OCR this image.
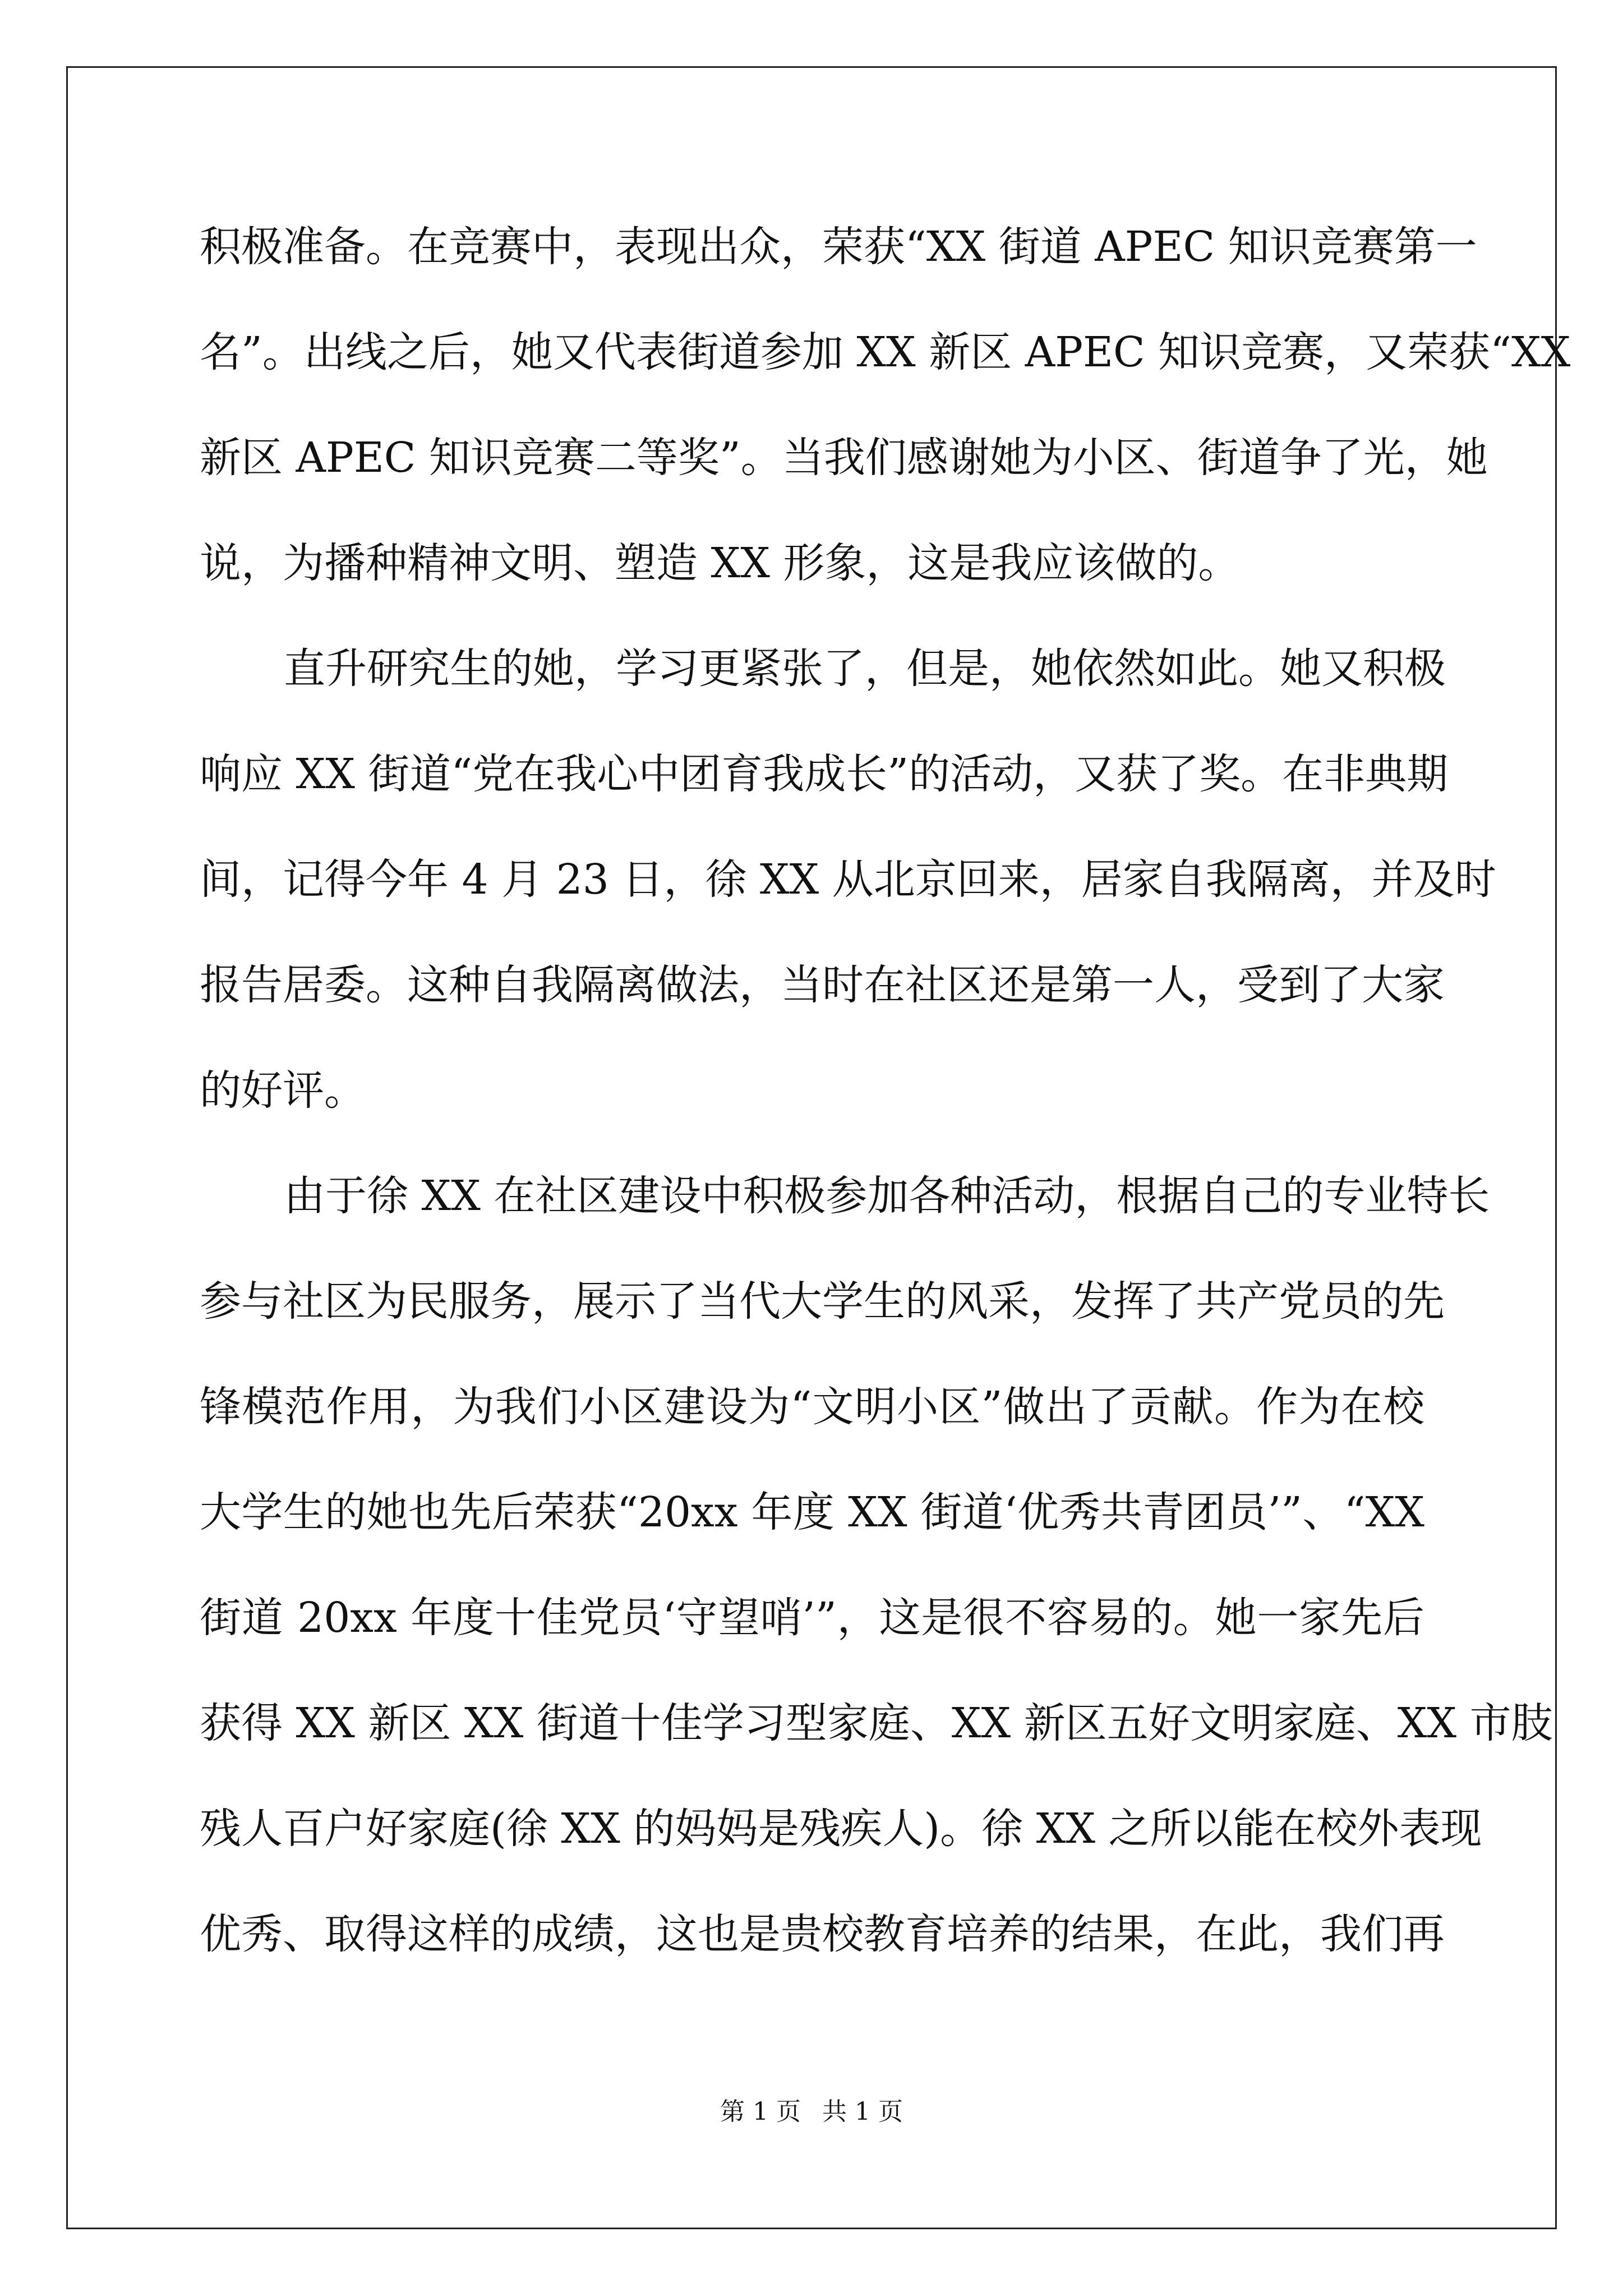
积极准备。在竞赛中，表现出众，荣获“XX 街道 APEC 知识竞赛第一
名”。出线之后，她又代表街道参加 XX 新区 APEC 知识竞赛，又荣获“XX
新区 APEC 知识竞赛二等奖”。当我们感谢她为小区、街道争了光，她
说，为播种精神文明、塑造 XX 形象，这是我应该做的。
直升研究生的她，学习更紧张了，但是，她依然如此。她又积极
响应 XX 街道“党在我心中团育我成长”的活动，又获了奖。在非典期
间，记得今年 4 月 23 日，徐 XX 从北京回来，居家自我隔离，并及时
报告居委。这种自我隔离做法，当时在社区还是第一人，受到了大家
的好评。
由于徐 XX 在社区建设中积极参加各种活动，根据自己的专业特长
参与社区为民服务，展示了当代大学生的风采，发挥了共产党员的先
锋模范作用，为我们小区建设为“文明小区”做出了贡献。作为在校
大学生的她也先后荣获“20xx 年度 XX 街道‘优秀共青团员’”、“XX
街道 20xx 年度十佳党员‘守望哨’”，这是很不容易的。她一家先后
获得 XX 新区 XX 街道十佳学习型家庭、XX 新区五好文明家庭、XX 市肢
残人百户好家庭(徐 XX 的妈妈是残疾人)。徐 XX 之所以能在校外表现
优秀、取得这样的成绩，这也是贵校教育培养的结果，在此，我们再
第 1 页 共 1 页
